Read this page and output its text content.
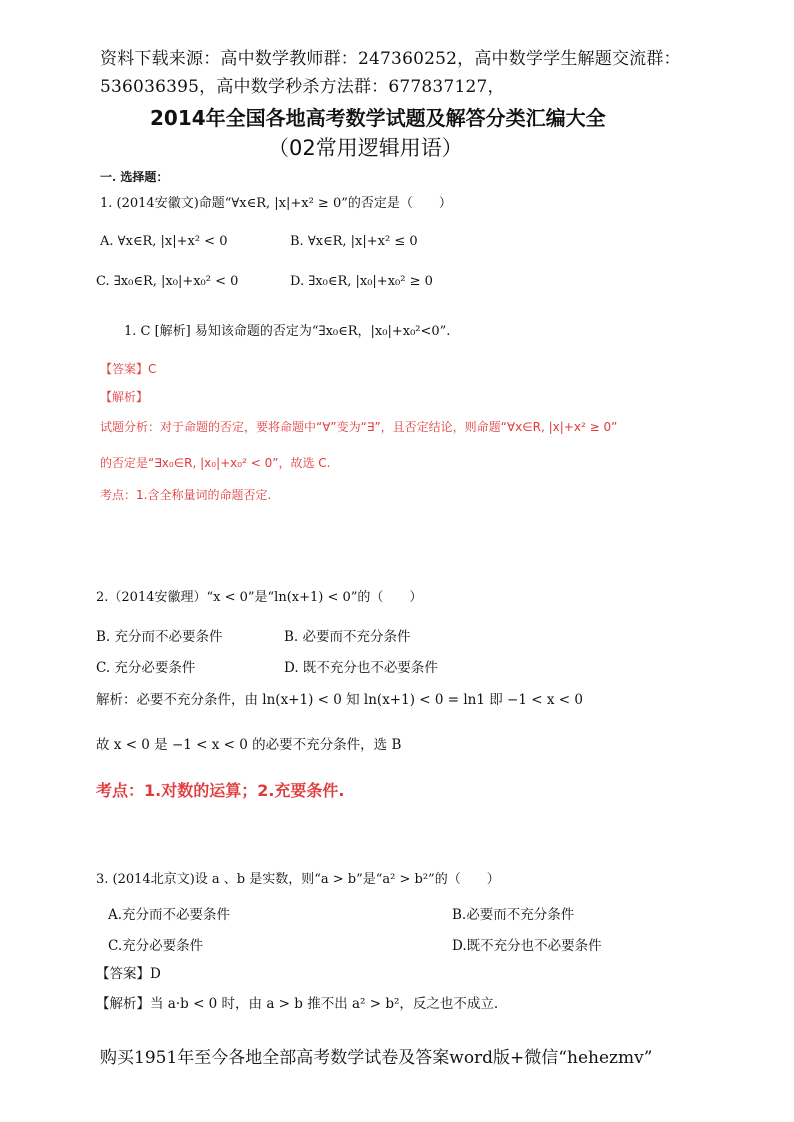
资料下载来源：高中数学教师群：247360252，高中数学学生解题交流群：
536036395，高中数学秒杀方法群：677837127，
2014年全国各地高考数学试题及解答分类汇编大全
（02常用逻辑用语）
一. 选择题：
1. (2014安徽文)命题“∀x∈R, |x|+x² ≥ 0”的否定是（　　）
A. ∀x∈R, |x|+x² < 0	B. ∀x∈R, |x|+x² ≤ 0
C. ∃x₀∈R, |x₀|+x₀² < 0	D. ∃x₀∈R, |x₀|+x₀² ≥ 0
1. C [解析] 易知该命题的否定为“∃x₀∈R，|x₀|+x₀²<0”.
【答案】C
【解析】
试题分析：对于命题的否定，要将命题中“∀”变为“∃”，且否定结论，则命题“∀x∈R, |x|+x² ≥ 0”
的否定是“∃x₀∈R, |x₀|+x₀² < 0”，故选 C.
考点：1.含全称量词的命题否定.
2.（2014安徽理）“x < 0”是“ln(x+1) < 0”的（　　）
B. 充分而不必要条件	B. 必要而不充分条件
C. 充分必要条件	D. 既不充分也不必要条件
解析：必要不充分条件，由 ln(x+1) < 0 知 ln(x+1) < 0 = ln1 即 −1 < x < 0
故 x < 0 是 −1 < x < 0 的必要不充分条件，选 B
考点：1.对数的运算；2.充要条件.
3. (2014北京文)设 a 、b 是实数，则“a > b”是“a² > b²”的（　　）
A.充分而不必要条件	B.必要而不充分条件
C.充分必要条件	D.既不充分也不必要条件
【答案】D
【解析】当 a·b < 0 时，由 a > b 推不出 a² > b²，反之也不成立.
购买1951年至今各地全部高考数学试卷及答案word版+微信“hehezmv”
